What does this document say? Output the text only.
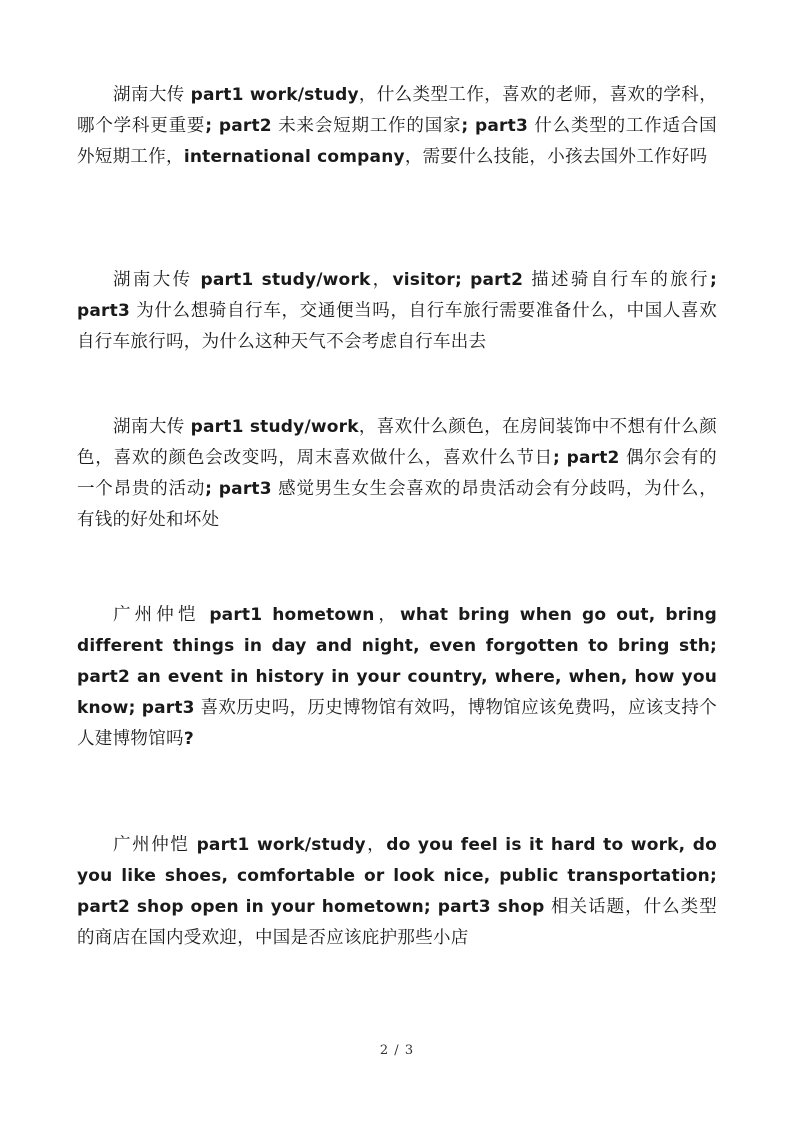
湖南大传 part1 work/study，什么类型工作，喜欢的老师，喜欢的学科，哪个学科更重要; part2 未来会短期工作的国家; part3 什么类型的工作适合国外短期工作，international company，需要什么技能，小孩去国外工作好吗

湖南大传 part1 study/work，visitor; part2 描述骑自行车的旅行; part3 为什么想骑自行车，交通便当吗，自行车旅行需要准备什么，中国人喜欢自行车旅行吗，为什么这种天气不会考虑自行车出去

湖南大传 part1 study/work，喜欢什么颜色，在房间装饰中不想有什么颜色，喜欢的颜色会改变吗，周末喜欢做什么，喜欢什么节日; part2 偶尔会有的一个昂贵的活动; part3 感觉男生女生会喜欢的昂贵活动会有分歧吗，为什么，有钱的好处和坏处

广州仲恺 part1 hometown，what bring when go out, bring different things in day and night, even forgotten to bring sth; part2 an event in history in your country, where, when, how you know; part3 喜欢历史吗，历史博物馆有效吗，博物馆应该免费吗，应该支持个人建博物馆吗?

广州仲恺 part1 work/study，do you feel is it hard to work, do you like shoes, comfortable or look nice, public transportation; part2 shop open in your hometown; part3 shop 相关话题，什么类型的商店在国内受欢迎，中国是否应该庇护那些小店

2 / 3
